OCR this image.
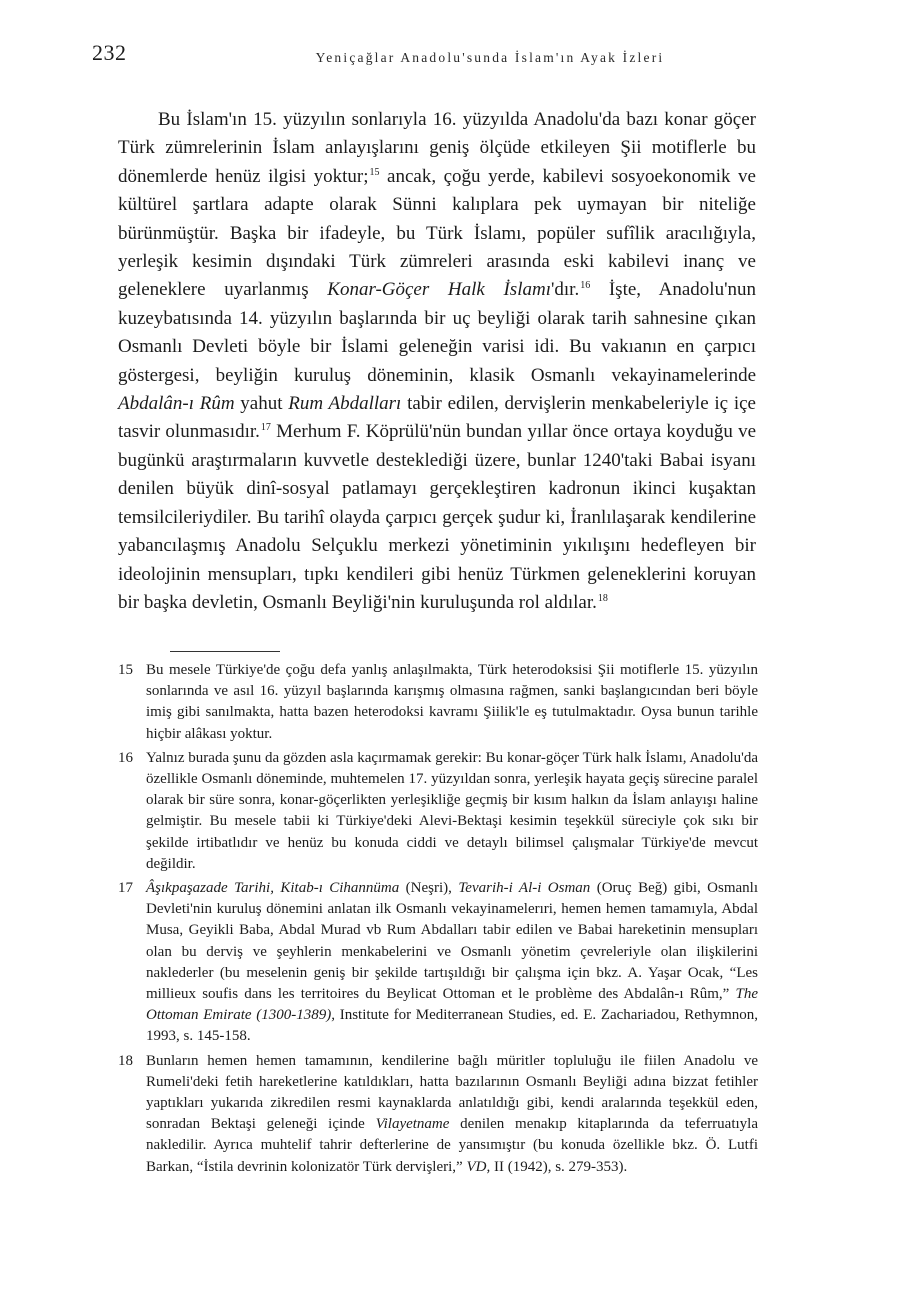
232	Yeniçağlar Anadolu'sunda İslam'ın Ayak İzleri

Bu İslam'ın 15. yüzyılın sonlarıyla 16. yüzyılda Anadolu'da bazı konar göçer Türk zümrelerinin İslam anlayışlarını geniş ölçüde etkileyen Şii motiflerle bu dönemlerde henüz ilgisi yoktur;$^{15}$ ancak, çoğu yerde, kabilevi sosyoekonomik ve kültürel şartlara adapte olarak Sünni kalıplara pek uymayan bir niteliğe bürünmüştür. Başka bir ifadeyle, bu Türk İslamı, popüler sufîlik aracılığıyla, yerleşik kesimin dışındaki Türk zümreleri arasında eski kabilevi inanç ve geleneklere uyarlanmış Konar-Göçer Halk İslamı'dır.$^{16}$ İşte, Anadolu'nun kuzeybatısında 14. yüzyılın başlarında bir uç beyliği olarak tarih sahnesine çıkan Osmanlı Devleti böyle bir İslami geleneğin varisi idi. Bu vakıanın en çarpıcı göstergesi, beyliğin kuruluş döneminin, klasik Osmanlı vekayinamelerinde Abdalân-ı Rûm yahut Rum Abdalları tabir edilen, dervişlerin menkabeleriyle iç içe tasvir olunmasıdır.$^{17}$ Merhum F. Köprülü'nün bundan yıllar önce ortaya koyduğu ve bugünkü araştırmaların kuvvetle desteklediği üzere, bunlar 1240'taki Babai isyanı denilen büyük dinî-sosyal patlamayı gerçekleştiren kadronun ikinci kuşaktan temsilcileriydiler. Bu tarihî olayda çarpıcı gerçek şudur ki, İranlılaşarak kendilerine yabancılaşmış Anadolu Selçuklu merkezi yönetiminin yıkılışını hedefleyen bir ideolojinin mensupları, tıpkı kendileri gibi henüz Türkmen geleneklerini koruyan bir başka devletin, Osmanlı Beyliği'nin kuruluşunda rol aldılar.$^{18}$

15 Bu mesele Türkiye'de çoğu defa yanlış anlaşılmakta, Türk heterodoksisi Şii motiflerle 15. yüzyılın sonlarında ve asıl 16. yüzyıl başlarında karışmış olmasına rağmen, sanki başlangıcından beri böyle imiş gibi sanılmakta, hatta bazen heterodoksi kavramı Şiilik'le eş tutulmaktadır. Oysa bunun tarihle hiçbir alâkası yoktur.
16 Yalnız burada şunu da gözden asla kaçırmamak gerekir: Bu konar-göçer Türk halk İslamı, Anadolu'da özellikle Osmanlı döneminde, muhtemelen 17. yüzyıldan sonra, yerleşik hayata geçiş sürecine paralel olarak bir süre sonra, konar-göçerlikten yerleşikliğe geçmiş bir kısım halkın da İslam anlayışı haline gelmiştir. Bu mesele tabii ki Türkiye'deki Alevi-Bektaşi kesimin teşekkül süreciyle çok sıkı bir şekilde irtibatlıdır ve henüz bu konuda ciddi ve detaylı bilimsel çalışmalar Türkiye'de mevcut değildir.
17 Âşıkpaşazade Tarihi, Kitab-ı Cihannüma (Neşri), Tevarih-i Al-i Osman (Oruç Beğ) gibi, Osmanlı Devleti'nin kuruluş dönemini anlatan ilk Osmanlı vekayinamelerıri, hemen hemen tamamıyla, Abdal Musa, Geyikli Baba, Abdal Murad vb Rum Abdalları tabir edilen ve Babai hareketinin mensupları olan bu derviş ve şeyhlerin menkabelerini ve Osmanlı yönetim çevreleriyle olan ilişkilerini naklederler (bu meselenin geniş bir şekilde tartışıldığı bir çalışma için bkz. A. Yaşar Ocak, “Les millieux soufis dans les territoires du Beylicat Ottoman et le problème des Abdalân-ı Rûm,” The Ottoman Emirate (1300-1389), Institute for Mediterranean Studies, ed. E. Zachariadou, Rethymnon, 1993, s. 145-158.
18 Bunların hemen hemen tamamının, kendilerine bağlı müritler topluluğu ile fiilen Anadolu ve Rumeli'deki fetih hareketlerine katıldıkları, hatta bazılarının Osmanlı Beyliği adına bizzat fetihler yaptıkları yukarıda zikredilen resmi kaynaklarda anlatıldığı gibi, kendi aralarında teşekkül eden, sonradan Bektaşi geleneği içinde Vilayetname denilen menakıp kitaplarında da teferruatıyla nakledilir. Ayrıca muhtelif tahrir defterlerine de yansımıştır (bu konuda özellikle bkz. Ö. Lutfi Barkan, “İstila devrinin kolonizatör Türk dervişleri,” VD, II (1942), s. 279-353).
